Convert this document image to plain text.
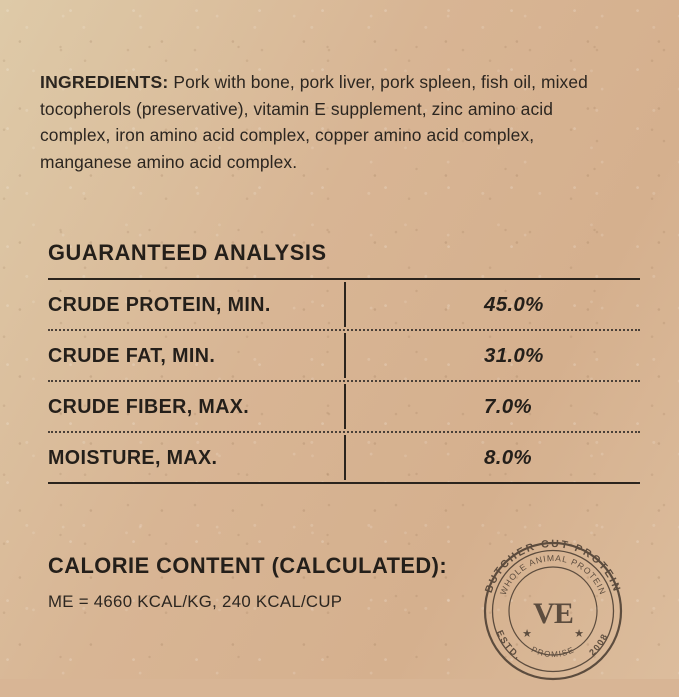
INGREDIENTS: Pork with bone, pork liver, pork spleen, fish oil, mixed tocopherols (preservative), vitamin E supplement, zinc amino acid complex, iron amino acid complex, copper amino acid complex, manganese amino acid complex.

GUARANTEED ANALYSIS
CRUDE PROTEIN, MIN.	45.0%
CRUDE FAT, MIN.	31.0%
CRUDE FIBER, MAX.	7.0%
MOISTURE, MAX.	8.0%
CALORIE CONTENT (CALCULATED):
ME = 4660 KCAL/KG, 240 KCAL/CUP
BUTCHER CUT PROTEIN
ESTD.	2008
WHOLE ANIMAL PROTEIN
PROMISE
VE
★	★
